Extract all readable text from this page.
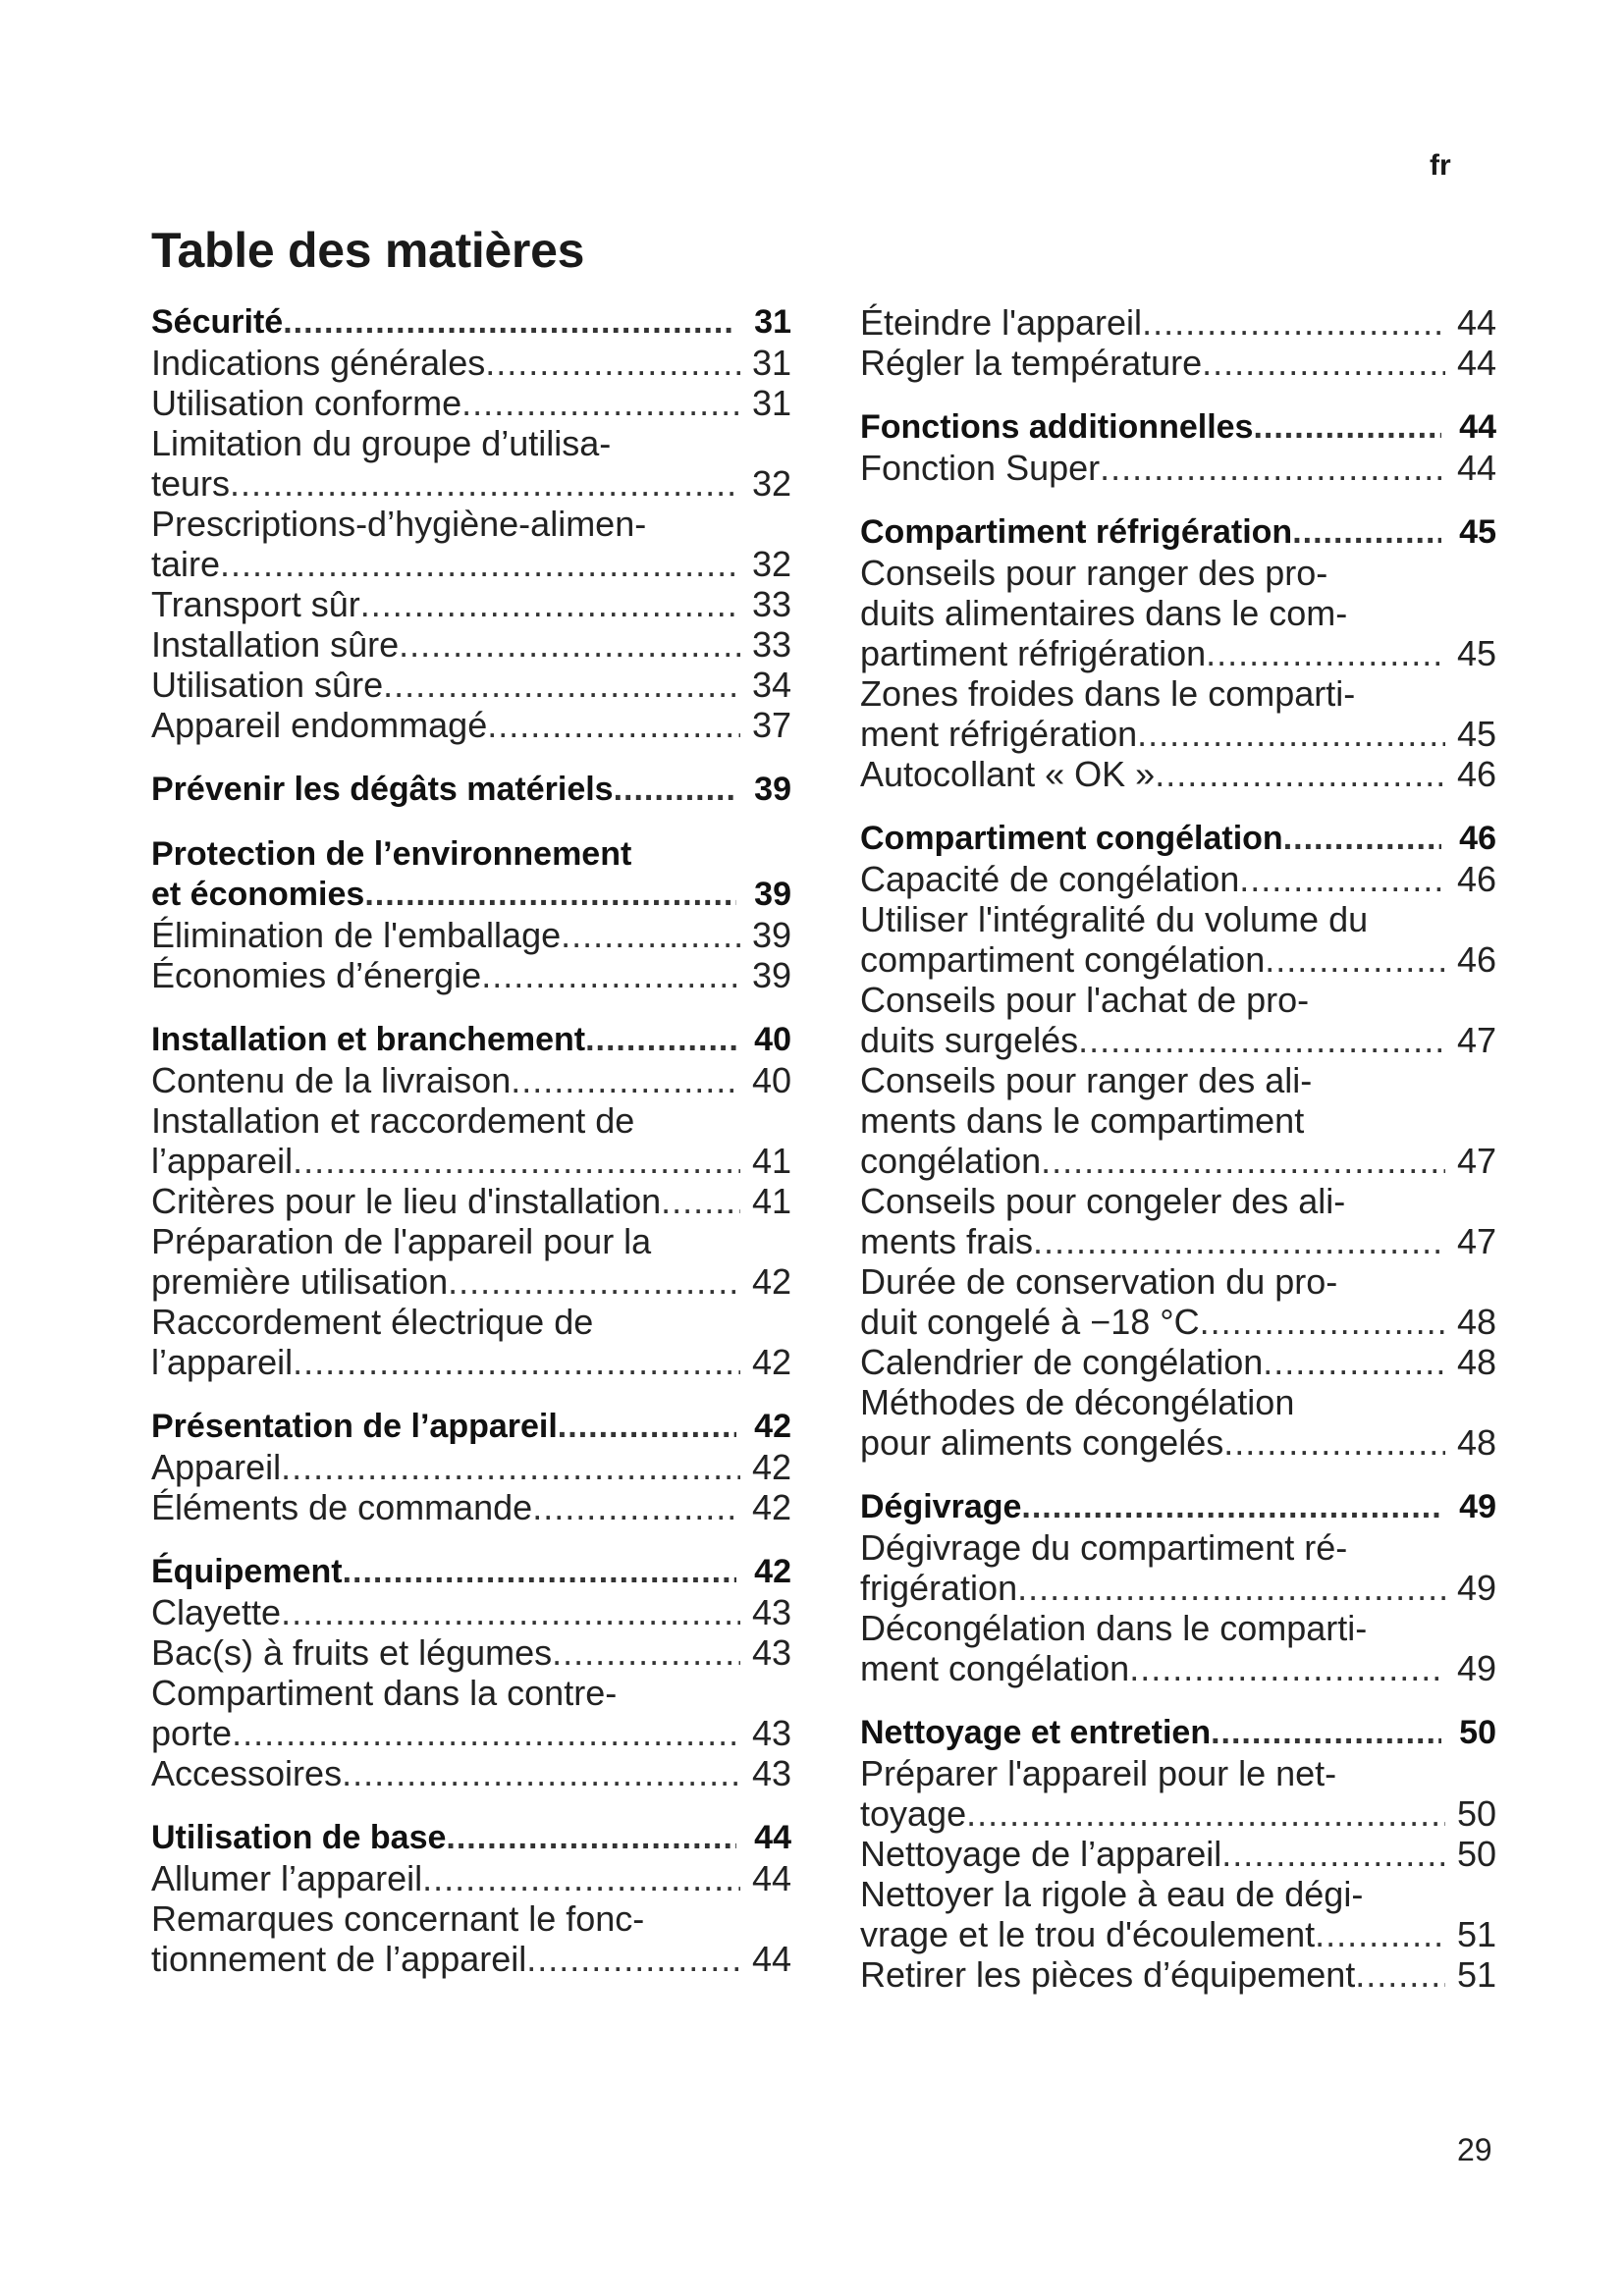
fr
Table des matières
Sécurité .....	31
Indications générales .....	31
Utilisation conforme .....	31
Limitation du groupe d’utilisa-
teurs .....	32
Prescriptions-d’hygiène-alimen-
taire .....	32
Transport sûr .....	33
Installation sûre .....	33
Utilisation sûre .....	34
Appareil endommagé .....	37
Prévenir les dégâts matériels .....	39
Protection de l’environnement
et économies .....	39
Élimination de l'emballage .....	39
Économies d’énergie .....	39
Installation et branchement .....	40
Contenu de la livraison .....	40
Installation et raccordement de
l’appareil .....	41
Critères pour le lieu d'installation .....	41
Préparation de l'appareil pour la
première utilisation .....	42
Raccordement électrique de
l’appareil .....	42
Présentation de l’appareil .....	42
Appareil .....	42
Éléments de commande .....	42
Équipement .....	42
Clayette .....	43
Bac(s) à fruits et légumes .....	43
Compartiment dans la contre-
porte .....	43
Accessoires .....	43
Utilisation de base .....	44
Allumer l’appareil .....	44
Remarques concernant le fonc-
tionnement de l’appareil .....	44
Éteindre l'appareil .....	44
Régler la température .....	44
Fonctions additionnelles .....	44
Fonction Super .....	44
Compartiment réfrigération .....	45
Conseils pour ranger des pro-
duits alimentaires dans le com-
partiment réfrigération .....	45
Zones froides dans le comparti-
ment réfrigération .....	45
Autocollant « OK » .....	46
Compartiment congélation .....	46
Capacité de congélation .....	46
Utiliser l'intégralité du volume du
compartiment congélation .....	46
Conseils pour l'achat de pro-
duits surgelés .....	47
Conseils pour ranger des ali-
ments dans le compartiment
congélation .....	47
Conseils pour congeler des ali-
ments frais .....	47
Durée de conservation du pro-
duit congelé à −18 °C .....	48
Calendrier de congélation .....	48
Méthodes de décongélation
pour aliments congelés .....	48
Dégivrage .....	49
Dégivrage du compartiment ré-
frigération .....	49
Décongélation dans le comparti-
ment congélation .....	49
Nettoyage et entretien .....	50
Préparer l'appareil pour le net-
toyage .....	50
Nettoyage de l’appareil .....	50
Nettoyer la rigole à eau de dégi-
vrage et le trou d'écoulement .....	51
Retirer les pièces d’équipement .....	51
29
